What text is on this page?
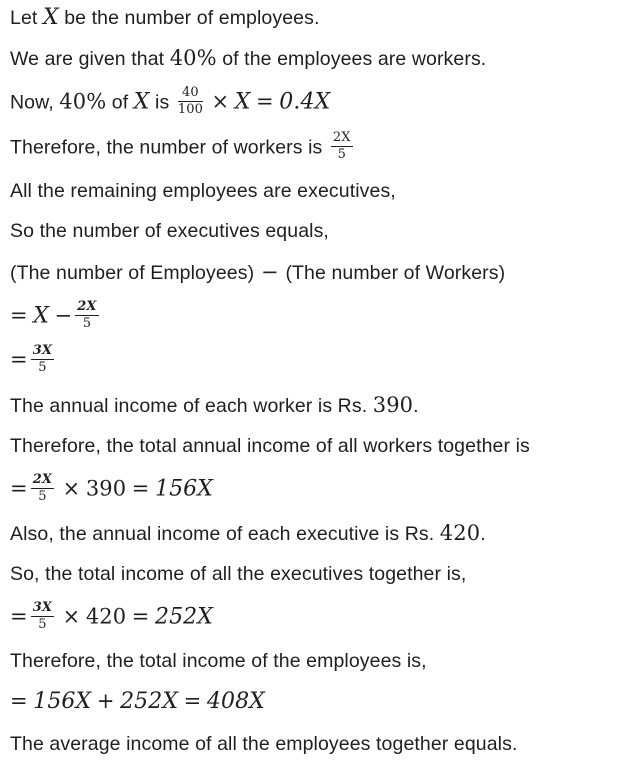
Let X be the number of employees.
We are given that 40% of the employees are workers.
Now, 40% of X is $\frac{40}{100} \times X = 0.4X$
Therefore, the number of workers is $\frac{2X}{5}$
All the remaining employees are executives,
So the number of executives equals,
(The number of Employees) − (The number of Workers)
= $X - \frac{2X}{5}$
= $\frac{3X}{5}$
The annual income of each worker is Rs. 390.
Therefore, the total annual income of all workers together is
= $\frac{2X}{5} \times 390 = 156X$
Also, the annual income of each executive is Rs. 420.
So, the total income of all the executives together is,
= $\frac{3X}{5} \times 420 = 252X$
Therefore, the total income of the employees is,
= 156X + 252X = 408X
The average income of all the employees together equals.
